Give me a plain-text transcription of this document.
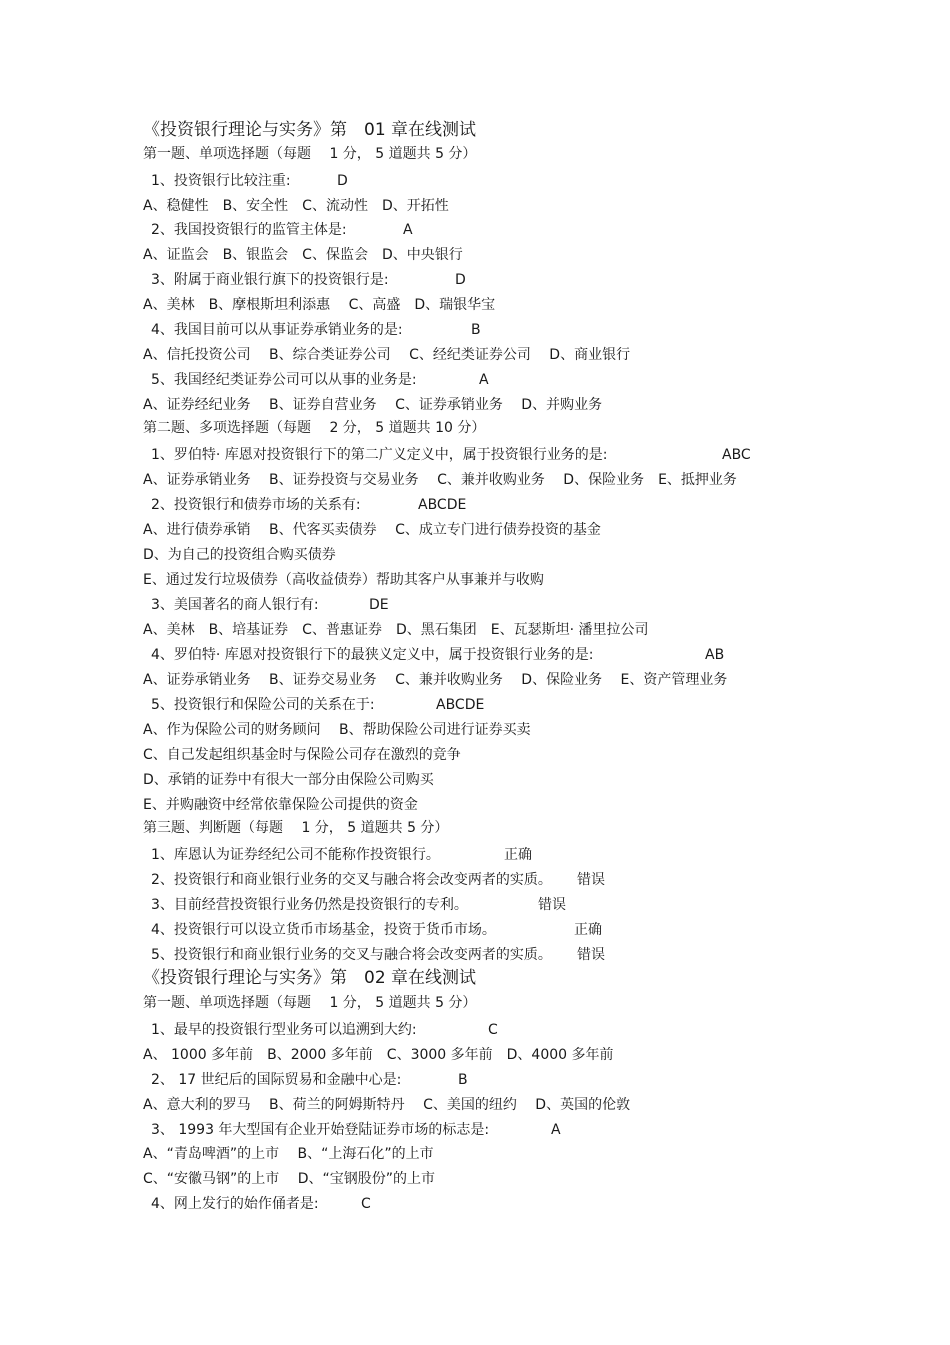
《投资银行理论与实务》第　01 章在线测试
第一题、单项选择题（每题　 1 分， 5 道题共 5 分）
1、投资银行比较注重:	D
A、稳健性　B、安全性　C、流动性　D、开拓性
2、我国投资银行的监管主体是:	A
A、证监会　B、银监会　C、保监会　D、中央银行
3、附属于商业银行旗下的投资银行是:	D
A、美林　B、摩根斯坦利添惠　 C、高盛　D、瑞银华宝
4、我国目前可以从事证券承销业务的是:	B
A、信托投资公司　 B、综合类证券公司　 C、经纪类证券公司　 D、商业银行
5、我国经纪类证券公司可以从事的业务是:	A
A、证券经纪业务　 B、证券自营业务　 C、证券承销业务　 D、并购业务
第二题、多项选择题（每题　 2 分， 5 道题共 10 分）
1、罗伯特· 库恩对投资银行下的第二广义定义中，属于投资银行业务的是:	ABC
A、证券承销业务　 B、证券投资与交易业务　 C、兼并收购业务　 D、保险业务　E、抵押业务
2、投资银行和债券市场的关系有:	ABCDE
A、进行债券承销　 B、代客买卖债券　 C、成立专门进行债券投资的基金
D、为自己的投资组合购买债券
E、通过发行垃圾债券（高收益债券）帮助其客户从事兼并与收购
3、美国著名的商人银行有:	DE
A、美林　B、培基证券　C、普惠证券　D、黑石集团　E、瓦瑟斯坦· 潘里拉公司
4、罗伯特· 库恩对投资银行下的最狭义定义中，属于投资银行业务的是:	AB
A、证券承销业务　 B、证券交易业务　 C、兼并收购业务　 D、保险业务　 E、资产管理业务
5、投资银行和保险公司的关系在于:	ABCDE
A、作为保险公司的财务顾问　 B、帮助保险公司进行证券买卖
C、自己发起组织基金时与保险公司存在激烈的竞争
D、承销的证券中有很大一部分由保险公司购买
E、并购融资中经常依靠保险公司提供的资金
第三题、判断题（每题　 1 分， 5 道题共 5 分）
1、库恩认为证券经纪公司不能称作投资银行。	正确
2、投资银行和商业银行业务的交叉与融合将会改变两者的实质。 错误
3、目前经营投资银行业务仍然是投资银行的专利。	错误
4、投资银行可以设立货币市场基金，投资于货币市场。	正确
5、投资银行和商业银行业务的交叉与融合将会改变两者的实质。 错误
《投资银行理论与实务》第　02 章在线测试
第一题、单项选择题（每题　 1 分， 5 道题共 5 分）
1、最早的投资银行型业务可以追溯到大约:	C
A、 1000 多年前　B、2000 多年前　C、3000 多年前　D、4000 多年前
2、 17 世纪后的国际贸易和金融中心是:	B
A、意大利的罗马　 B、荷兰的阿姆斯特丹　 C、美国的纽约　 D、英国的伦敦
3、 1993 年大型国有企业开始登陆证券市场的标志是:	A
A、“青岛啤酒”的上市　 B、“上海石化”的上市
C、“安徽马钢”的上市　 D、“宝钢股份”的上市
4、网上发行的始作俑者是:	C
